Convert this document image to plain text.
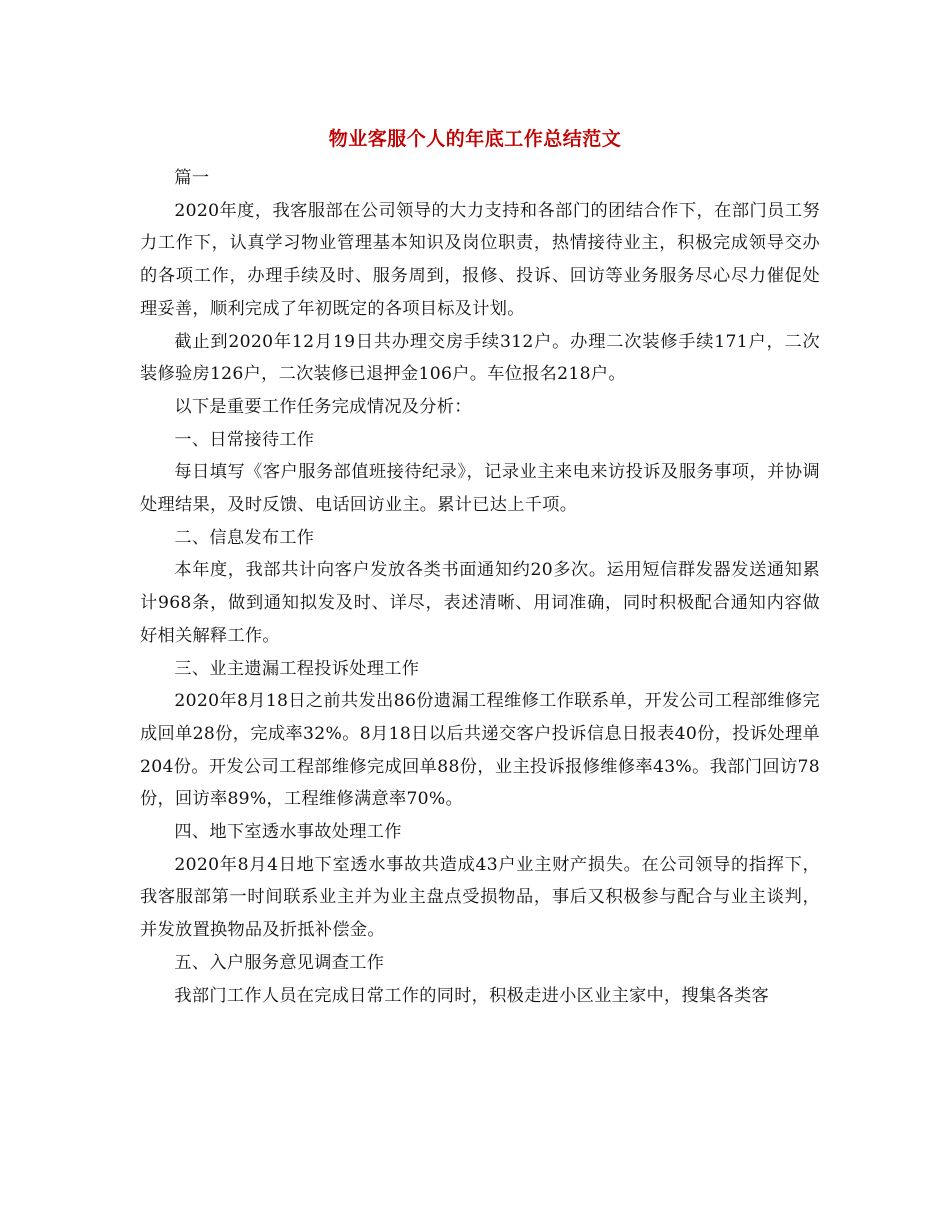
物业客服个人的年底工作总结范文

篇一

2020年度，我客服部在公司领导的大力支持和各部门的团结合作下，在部门员工努力工作下，认真学习物业管理基本知识及岗位职责，热情接待业主，积极完成领导交办的各项工作，办理手续及时、服务周到，报修、投诉、回访等业务服务尽心尽力催促处理妥善，顺利完成了年初既定的各项目标及计划。

截止到2020年12月19日共办理交房手续312户。办理二次装修手续171户，二次装修验房126户，二次装修已退押金106户。车位报名218户。

以下是重要工作任务完成情况及分析：

一、日常接待工作

每日填写《客户服务部值班接待纪录》，记录业主来电来访投诉及服务事项，并协调处理结果，及时反馈、电话回访业主。累计已达上千项。

二、信息发布工作

本年度，我部共计向客户发放各类书面通知约20多次。运用短信群发器发送通知累计968条，做到通知拟发及时、详尽，表述清晰、用词准确，同时积极配合通知内容做好相关解释工作。

三、业主遗漏工程投诉处理工作

2020年8月18日之前共发出86份遗漏工程维修工作联系单，开发公司工程部维修完成回单28份，完成率32%。8月18日以后共递交客户投诉信息日报表40份，投诉处理单204份。开发公司工程部维修完成回单88份，业主投诉报修维修率43%。我部门回访78份，回访率89%，工程维修满意率70%。

四、地下室透水事故处理工作

2020年8月4日地下室透水事故共造成43户业主财产损失。在公司领导的指挥下，我客服部第一时间联系业主并为业主盘点受损物品，事后又积极参与配合与业主谈判，并发放置换物品及折抵补偿金。

五、入户服务意见调查工作

我部门工作人员在完成日常工作的同时，积极走进小区业主家中，搜集各类客
